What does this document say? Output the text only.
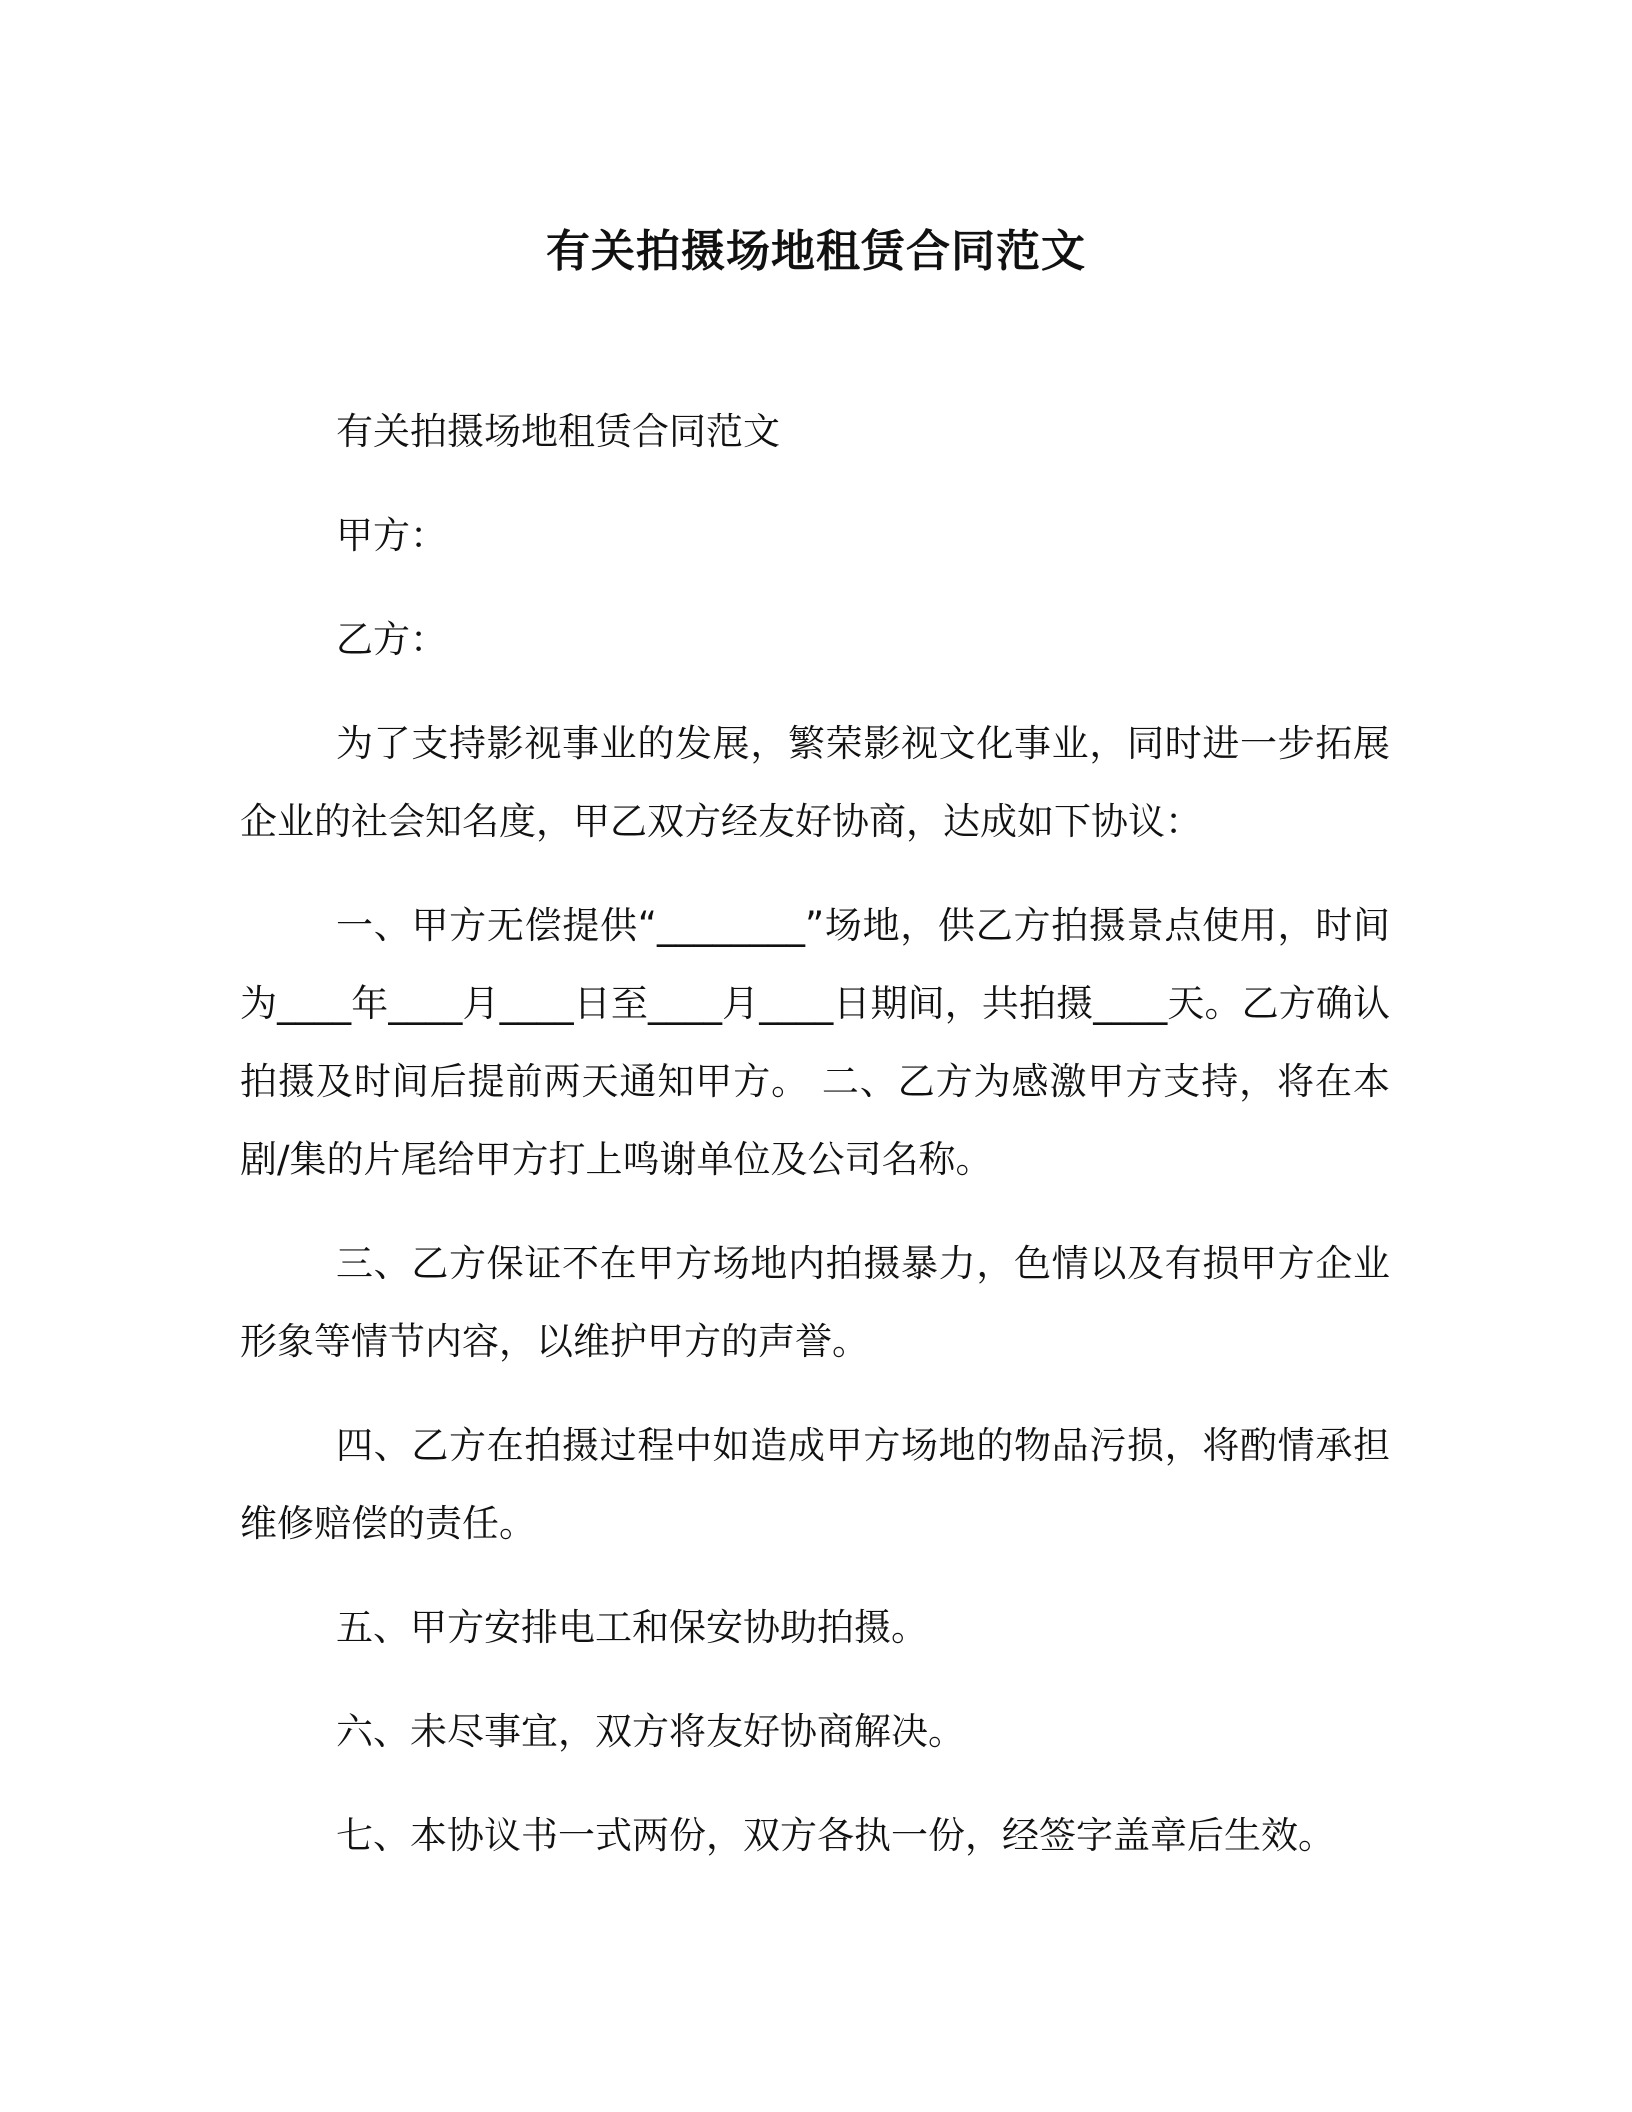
有关拍摄场地租赁合同范文

有关拍摄场地租赁合同范文

甲方：

乙方：

为了支持影视事业的发展，繁荣影视文化事业，同时进一步拓展企业的社会知名度，甲乙双方经友好协商，达成如下协议：

一、甲方无偿提供“________”场地，供乙方拍摄景点使用，时间为____年____月____日至____月____日期间，共拍摄____天。乙方确认拍摄及时间后提前两天通知甲方。 二、乙方为感激甲方支持，将在本剧/集的片尾给甲方打上鸣谢单位及公司名称。

三、乙方保证不在甲方场地内拍摄暴力，色情以及有损甲方企业形象等情节内容，以维护甲方的声誉。

四、乙方在拍摄过程中如造成甲方场地的物品污损，将酌情承担维修赔偿的责任。

五、甲方安排电工和保安协助拍摄。

六、未尽事宜，双方将友好协商解决。

七、本协议书一式两份，双方各执一份，经签字盖章后生效。
